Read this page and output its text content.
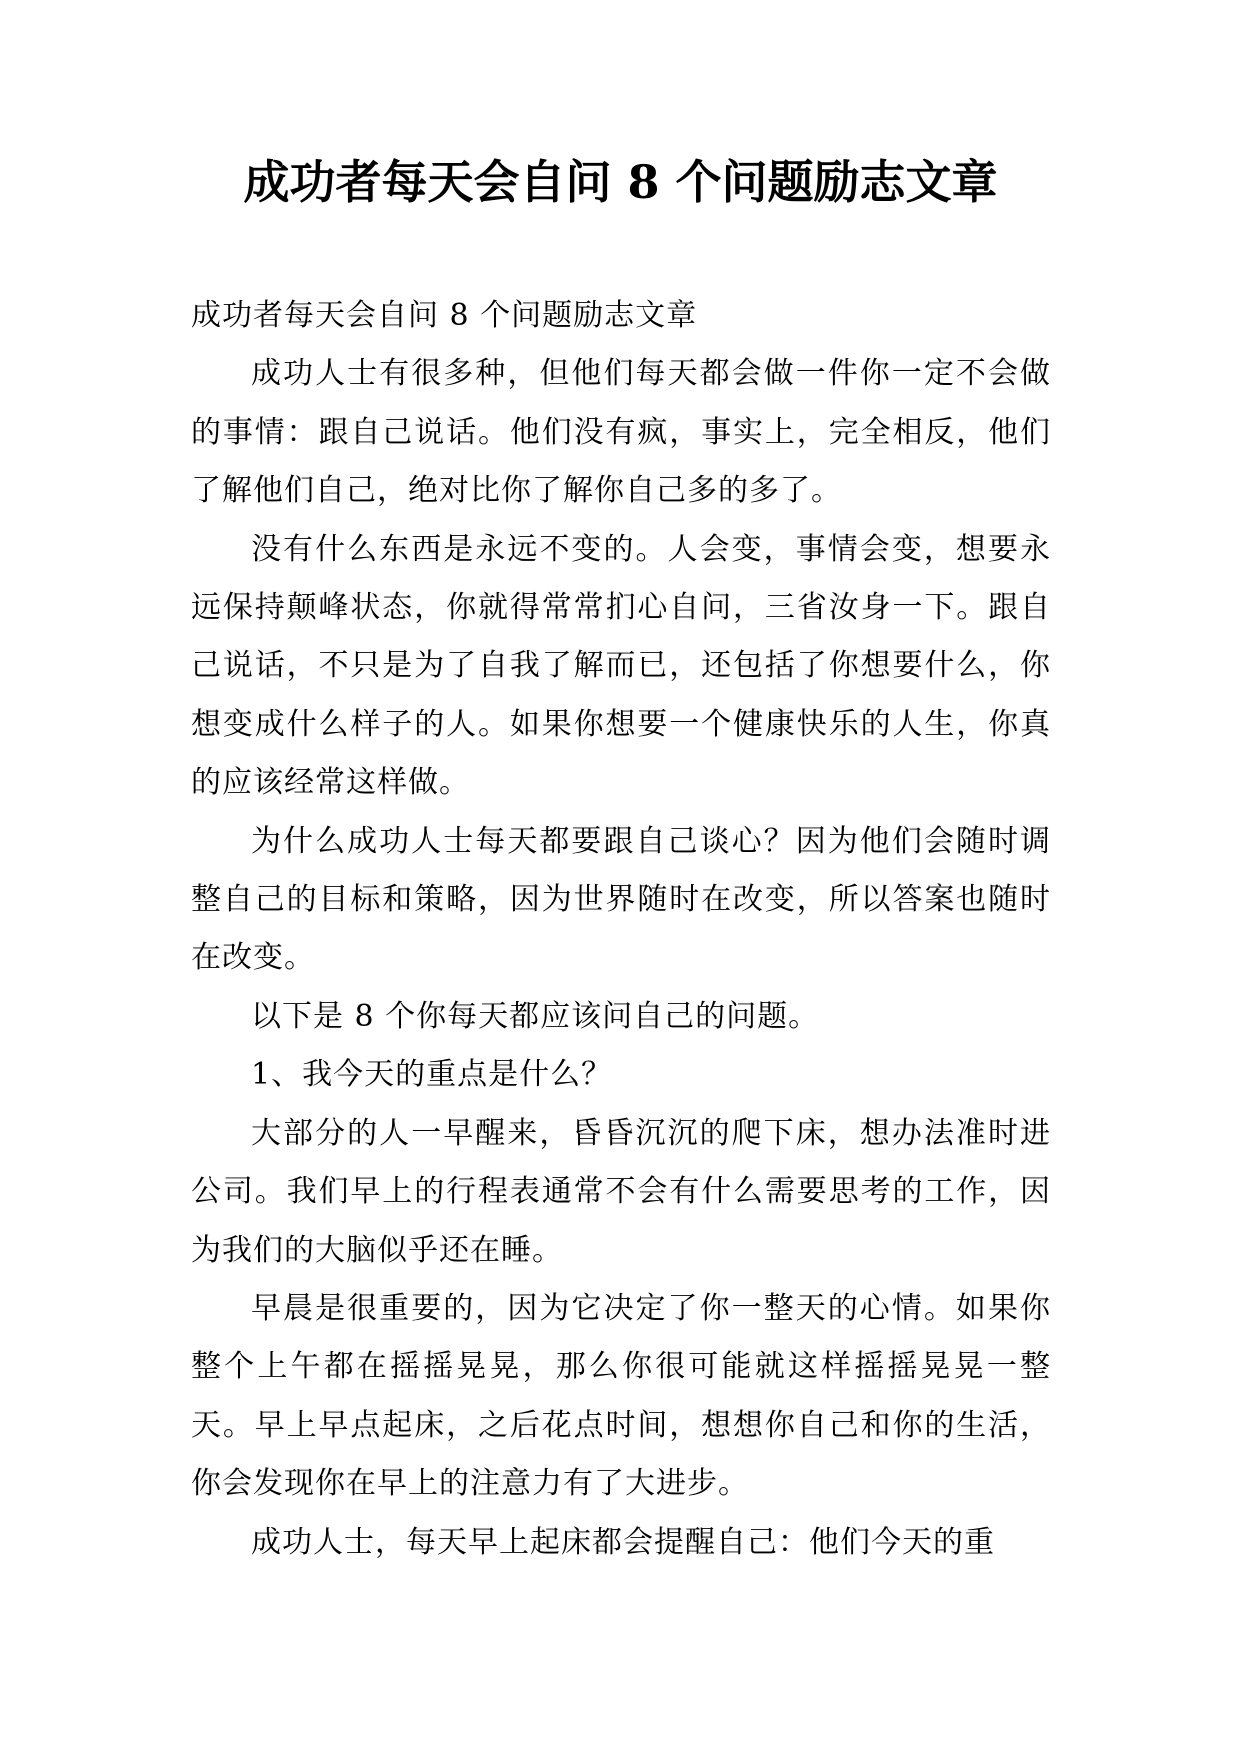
成功者每天会自问 8 个问题励志文章

成功者每天会自问 8 个问题励志文章

成功人士有很多种，但他们每天都会做一件你一定不会做的事情：跟自己说话。他们没有疯，事实上，完全相反，他们了解他们自己，绝对比你了解你自己多的多了。

没有什么东西是永远不变的。人会变，事情会变，想要永远保持颠峰状态，你就得常常扪心自问，三省汝身一下。跟自己说话，不只是为了自我了解而已，还包括了你想要什么，你想变成什么样子的人。如果你想要一个健康快乐的人生，你真的应该经常这样做。

为什么成功人士每天都要跟自己谈心？因为他们会随时调整自己的目标和策略，因为世界随时在改变，所以答案也随时在改变。

以下是 8 个你每天都应该问自己的问题。

1、我今天的重点是什么？

大部分的人一早醒来，昏昏沉沉的爬下床，想办法准时进公司。我们早上的行程表通常不会有什么需要思考的工作，因为我们的大脑似乎还在睡。

早晨是很重要的，因为它决定了你一整天的心情。如果你整个上午都在摇摇晃晃，那么你很可能就这样摇摇晃晃一整天。早上早点起床，之后花点时间，想想你自己和你的生活，你会发现你在早上的注意力有了大进步。

成功人士，每天早上起床都会提醒自己：他们今天的重
